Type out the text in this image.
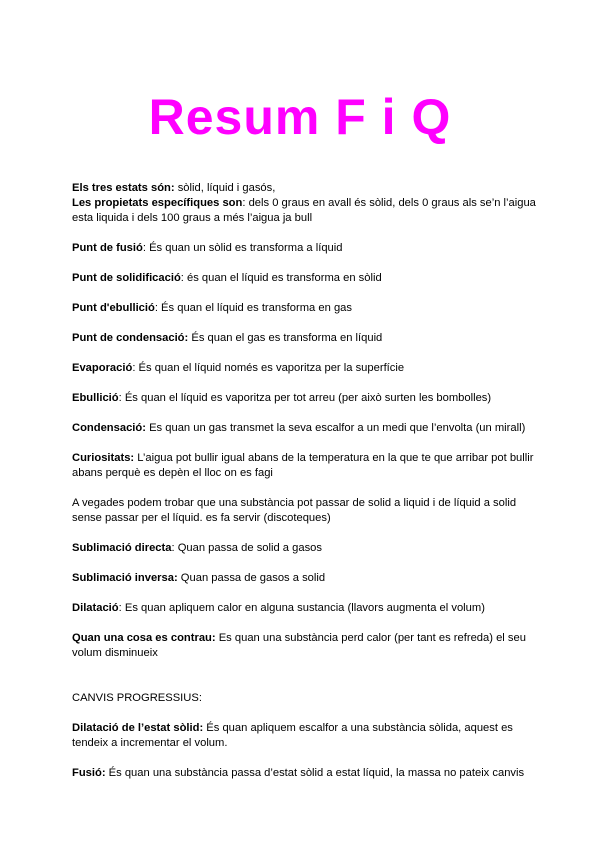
Resum F i Q

Els tres estats són: sòlid, líquid i gasós,

Les propietats específiques son: dels 0 graus en avall és sòlid, dels 0 graus als se’n l’aigua esta liquida i dels 100 graus a més l’aigua ja bull

Punt de fusió: És quan un sòlid es transforma a líquid

Punt de solidificació: és quan el líquid es transforma en sòlid

Punt d'ebullició: És quan el líquid es transforma en gas

Punt de condensació: És quan el gas es transforma en líquid

Evaporació: És quan el líquid només es vaporitza per la superfície

Ebullició: És quan el líquid es vaporitza per tot arreu (per això surten les bombolles)

Condensació: Es quan un gas transmet la seva escalfor a un medi que l’envolta (un mirall)

Curiositats: L’aigua pot bullir igual abans de la temperatura en la que te que arribar pot bullir abans perquè es depèn el lloc on es fagi

A vegades podem trobar que una substància pot passar de solid a liquid i de líquid a solid sense passar per el líquid. es fa servir (discoteques)

Sublimació directa: Quan passa de solid a gasos

Sublimació inversa: Quan passa de gasos a solid

Dilatació: Es quan apliquem calor en alguna sustancia (llavors augmenta el volum)

Quan una cosa es contrau: Es quan una substància perd calor (per tant es refreda) el seu volum disminueix

CANVIS PROGRESSIUS:

Dilatació de l’estat sòlid: És quan apliquem escalfor a una substància sòlida, aquest es tendeix a incrementar el volum.

Fusió: És quan una substància passa d’estat sòlid a estat líquid, la massa no pateix canvis
